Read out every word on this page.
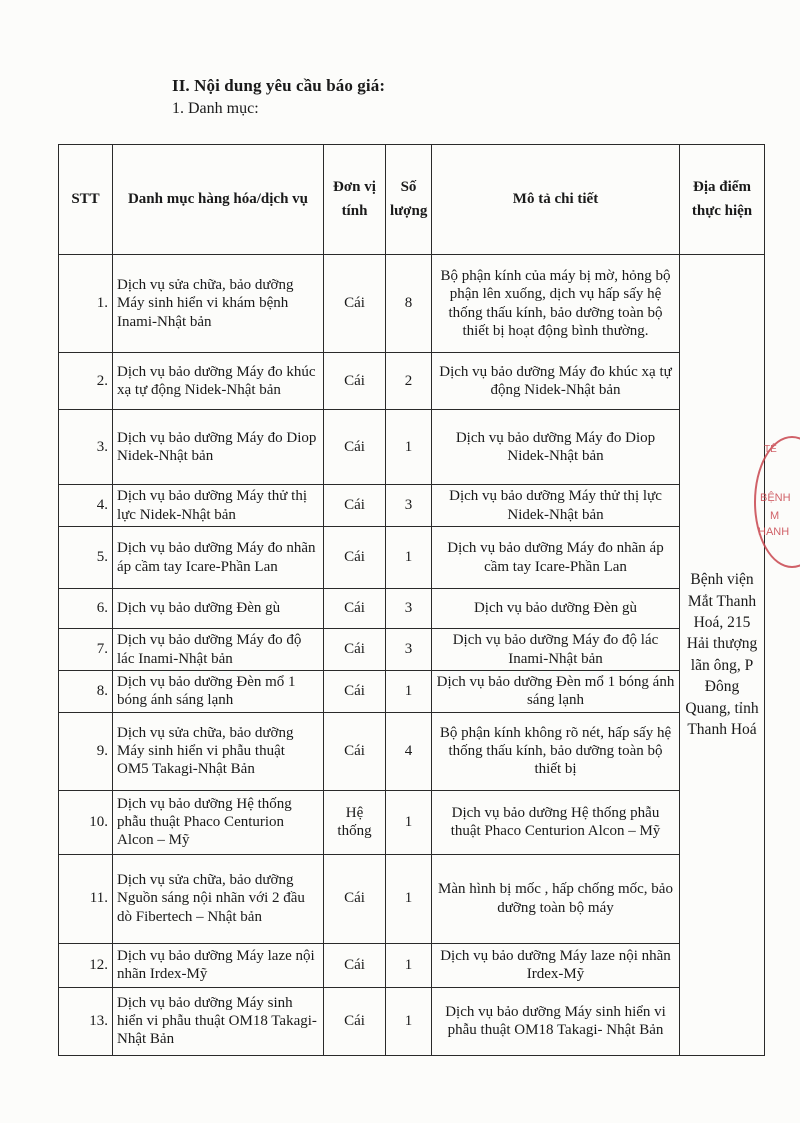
II. Nội dung yêu cầu báo giá:
1. Danh mục:
STT	Danh mục hàng hóa/dịch vụ	Đơn vị tính	Số lượng	Mô tả chi tiết	Địa điểm thực hiện
1.	Dịch vụ sửa chữa, bảo dưỡng Máy sinh hiển vi khám bệnh Inami-Nhật bản	Cái	8	Bộ phận kính của máy bị mờ, hỏng bộ phận lên xuống, dịch vụ hấp sấy hệ thống thấu kính, bảo dưỡng toàn bộ thiết bị hoạt động bình thường.	Bệnh viện Mắt Thanh Hoá, 215 Hải thượng lãn ông, P Đông Quang, tỉnh Thanh Hoá
2.	Dịch vụ bảo dưỡng Máy đo khúc xạ tự động Nidek-Nhật bản	Cái	2	Dịch vụ bảo dưỡng Máy đo khúc xạ tự động Nidek-Nhật bản	
3.	Dịch vụ bảo dưỡng Máy đo Diop Nidek-Nhật bản	Cái	1	Dịch vụ bảo dưỡng Máy đo Diop Nidek-Nhật bản	
4.	Dịch vụ bảo dưỡng Máy thử thị lực Nidek-Nhật bản	Cái	3	Dịch vụ bảo dưỡng Máy thử thị lực Nidek-Nhật bản	
5.	Dịch vụ bảo dưỡng Máy đo nhãn áp cầm tay Icare-Phần Lan	Cái	1	Dịch vụ bảo dưỡng Máy đo nhãn áp cầm tay Icare-Phần Lan	
6.	Dịch vụ bảo dưỡng Đèn gù	Cái	3	Dịch vụ bảo dưỡng Đèn gù	
7.	Dịch vụ bảo dưỡng Máy đo độ lác Inami-Nhật bản	Cái	3	Dịch vụ bảo dưỡng Máy đo độ lác Inami-Nhật bản	
8.	Dịch vụ bảo dưỡng Đèn mổ 1 bóng ánh sáng lạnh	Cái	1	Dịch vụ bảo dưỡng Đèn mổ 1 bóng ánh sáng lạnh	
9.	Dịch vụ sửa chữa, bảo dưỡng Máy sinh hiển vi phẫu thuật OM5 Takagi-Nhật Bản	Cái	4	Bộ phận kính không rõ nét, hấp sấy hệ thống thấu kính, bảo dưỡng toàn bộ thiết bị	
10.	Dịch vụ bảo dưỡng Hệ thống phẫu thuật Phaco Centurion Alcon – Mỹ	Hệ thống	1	Dịch vụ bảo dưỡng Hệ thống phẫu thuật Phaco Centurion Alcon – Mỹ	
11.	Dịch vụ sửa chữa, bảo dưỡng Nguồn sáng nội nhãn với 2 đầu dò Fibertech – Nhật bản	Cái	1	Màn hình bị mốc , hấp chống mốc, bảo dưỡng toàn bộ máy	
12.	Dịch vụ bảo dưỡng Máy laze nội nhãn Irdex-Mỹ	Cái	1	Dịch vụ bảo dưỡng Máy laze nội nhãn Irdex-Mỹ	
13.	Dịch vụ bảo dưỡng Máy sinh hiển vi phẫu thuật OM18 Takagi- Nhật Bản	Cái	1	Dịch vụ bảo dưỡng Máy sinh hiển vi phẫu thuật OM18 Takagi- Nhật Bản	
TẾ
BỆNH
M
HANH
